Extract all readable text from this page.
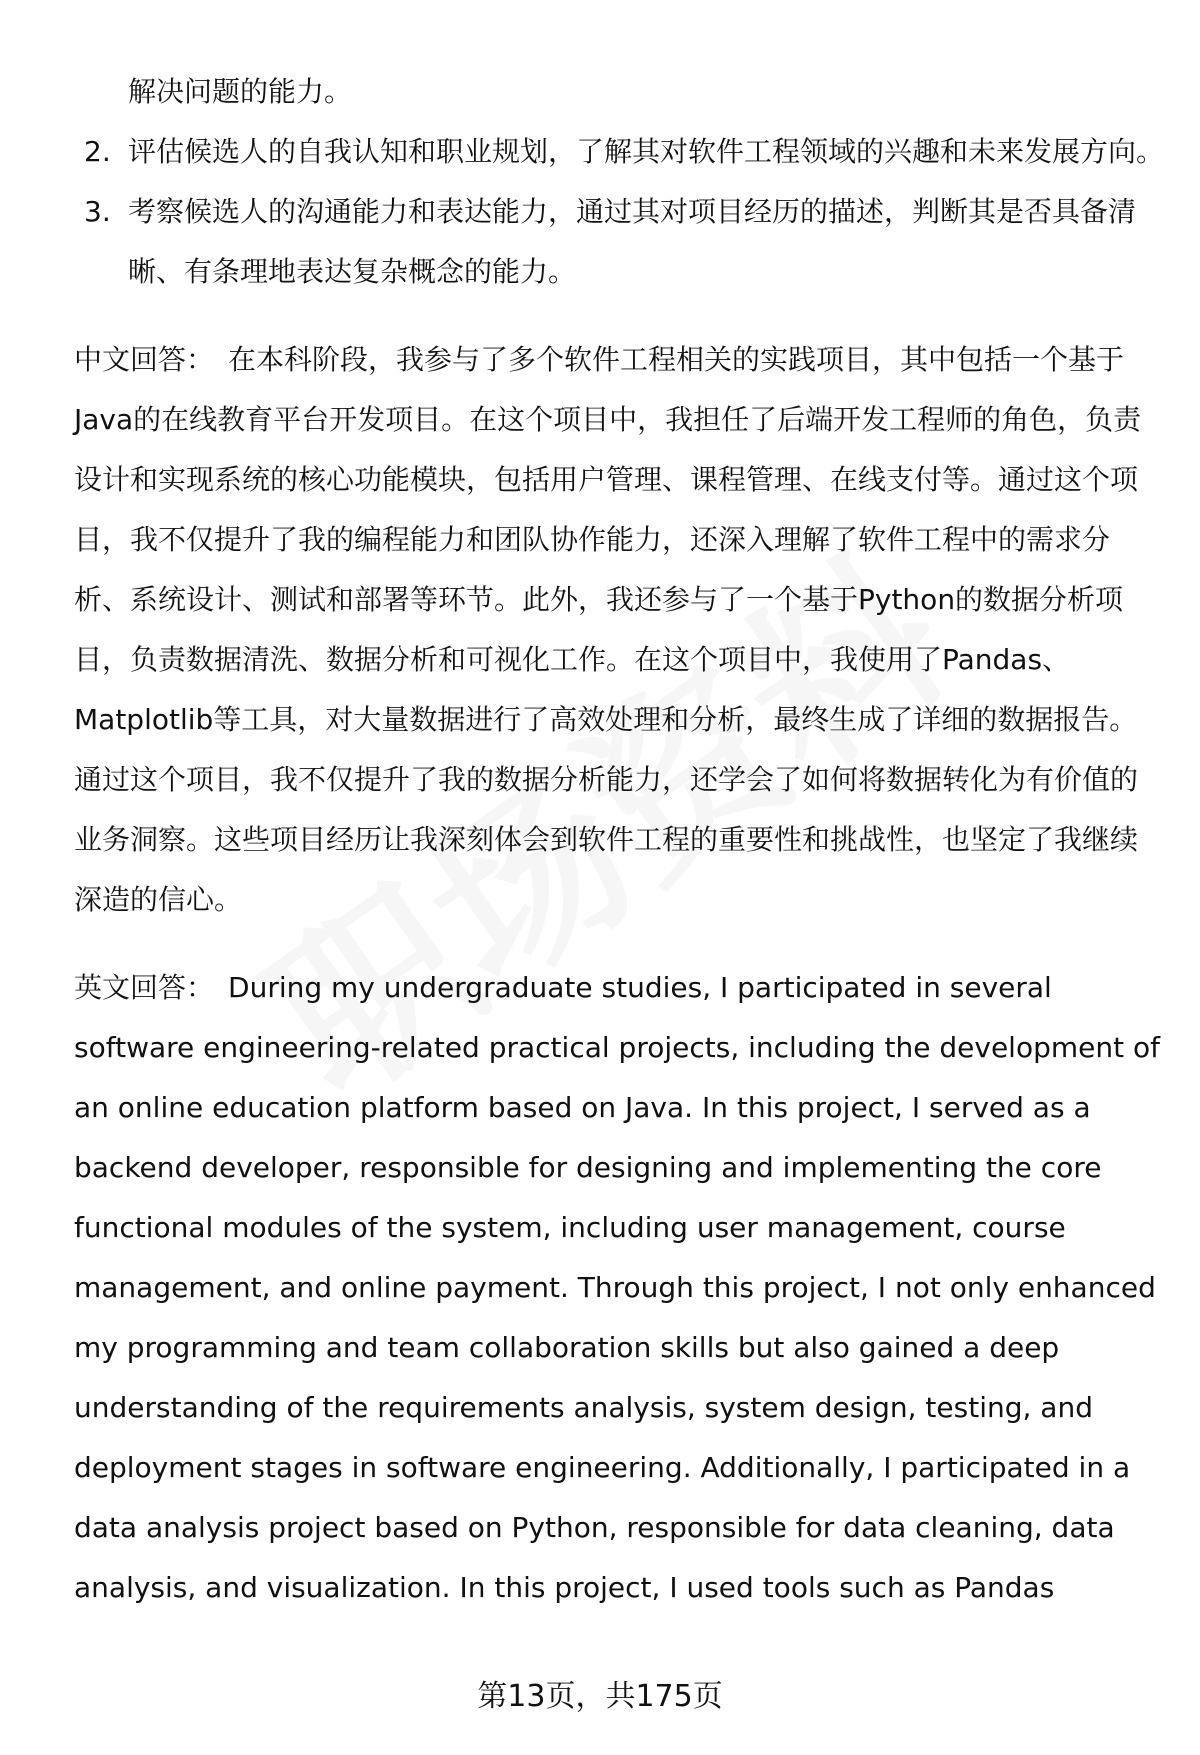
解决问题的能力。
2. 评估候选人的自我认知和职业规划，了解其对软件工程领域的兴趣和未来发展方向。
3. 考察候选人的沟通能力和表达能力，通过其对项目经历的描述，判断其是否具备清晰、有条理地表达复杂概念的能力。

中文回答： 在本科阶段，我参与了多个软件工程相关的实践项目，其中包括一个基于Java的在线教育平台开发项目。在这个项目中，我担任了后端开发工程师的角色，负责设计和实现系统的核心功能模块，包括用户管理、课程管理、在线支付等。通过这个项目，我不仅提升了我的编程能力和团队协作能力，还深入理解了软件工程中的需求分析、系统设计、测试和部署等环节。此外，我还参与了一个基于Python的数据分析项目，负责数据清洗、数据分析和可视化工作。在这个项目中，我使用了Pandas、Matplotlib等工具，对大量数据进行了高效处理和分析，最终生成了详细的数据报告。通过这个项目，我不仅提升了我的数据分析能力，还学会了如何将数据转化为有价值的业务洞察。这些项目经历让我深刻体会到软件工程的重要性和挑战性，也坚定了我继续深造的信心。

英文回答： During my undergraduate studies, I participated in several software engineering-related practical projects, including the development of an online education platform based on Java. In this project, I served as a backend developer, responsible for designing and implementing the core functional modules of the system, including user management, course management, and online payment. Through this project, I not only enhanced my programming and team collaboration skills but also gained a deep understanding of the requirements analysis, system design, testing, and deployment stages in software engineering. Additionally, I participated in a data analysis project based on Python, responsible for data cleaning, data analysis, and visualization. In this project, I used tools such as Pandas

第13页，共175页
